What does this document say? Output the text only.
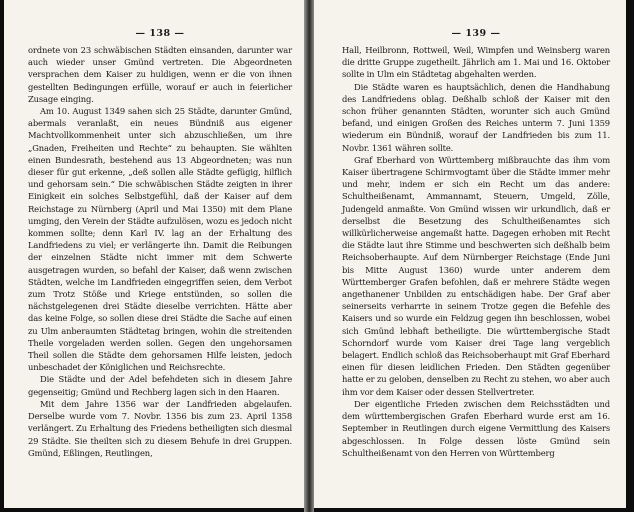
— 138 —

ordnete von 23 schwäbischen Städten einsanden, darunter war auch wieder unser Gmünd vertreten. Die Abgeordneten versprachen dem Kaiser zu huldigen, wenn er die von ihnen gestellten Bedingungen erfülle, worauf er auch in feierlicher Zusage einging.

Am 10. August 1349 sahen sich 25 Städte, darunter Gmünd, abermals veranlaßt, ein neues Bündniß aus eigener Machtvollkommenheit unter sich abzuschließen, um ihre „Gnaden, Freiheiten und Rechte“ zu behaupten. Sie wählten einen Bundesrath, bestehend aus 13 Abgeordneten; was nun dieser für gut erkenne, „deß sollen alle Städte gefügig, hilflich und gehorsam sein.“ Die schwäbischen Städte zeigten in ihrer Einigkeit ein solches Selbstgefühl, daß der Kaiser auf dem Reichstage zu Nürnberg (April und Mai 1350) mit dem Plane umging, den Verein der Städte aufzulösen, wozu es jedoch nicht kommen sollte; denn Karl IV. lag an der Erhaltung des Landfriedens zu viel; er verlängerte ihn. Damit die Reibungen der einzelnen Städte nicht immer mit dem Schwerte ausgetragen wurden, so befahl der Kaiser, daß wenn zwischen Städten, welche im Landfrieden eingegriffen seien, dem Verbot zum Trotz Stöße und Kriege entstünden, so sollen die nächstgelegenen drei Städte dieselbe verrichten. Hätte aber das keine Folge, so sollen diese drei Städte die Sache auf einen zu Ulm anberaumten Städtetag bringen, wohin die streitenden Theile vorgeladen werden sollen. Gegen den ungehorsamen Theil sollen die Städte dem gehorsamen Hilfe leisten, jedoch unbeschadet der Königlichen und Reichsrechte.

Die Städte und der Adel befehdeten sich in diesem Jahre gegenseitig; Gmünd und Rechberg lagen sich in den Haaren.

Mit dem Jahre 1356 war der Landfrieden abgelaufen. Derselbe wurde vom 7. Novbr. 1356 bis zum 23. April 1358 verlängert. Zu Erhaltung des Friedens betheiligten sich diesmal 29 Städte. Sie theilten sich zu diesem Behufe in drei Gruppen. Gmünd, Eßlingen, Reutlingen,

— 139 —

Hall, Heilbronn, Rottweil, Weil, Wimpfen und Weinsberg waren die dritte Gruppe zugetheilt. Jährlich am 1. Mai und 16. Oktober sollte in Ulm ein Städtetag abgehalten werden.

Die Städte waren es hauptsächlich, denen die Handhabung des Landfriedens oblag. Deßhalb schloß der Kaiser mit den schon früher genannten Städten, worunter sich auch Gmünd befand, und einigen Großen des Reiches unterm 7. Juni 1359 wiederum ein Bündniß, worauf der Landfrieden bis zum 11. Novbr. 1361 währen sollte.

Graf Eberhard von Württemberg mißbrauchte das ihm vom Kaiser übertragene Schirmvogtamt über die Städte immer mehr und mehr, indem er sich ein Recht um das andere: Schultheißenamt, Ammannamt, Steuern, Umgeld, Zölle, Judengeld anmaßte. Von Gmünd wissen wir urkundlich, daß er derselbst die Besetzung des Schultheißenamtes sich willkürlicherweise angemaßt hatte. Dagegen erhoben mit Recht die Städte laut ihre Stimme und beschwerten sich deßhalb beim Reichsoberhaupte. Auf dem Nürnberger Reichstage (Ende Juni bis Mitte August 1360) wurde unter anderem dem Württemberger Grafen befohlen, daß er mehrere Städte wegen angethanener Unbilden zu entschädigen habe. Der Graf aber seinerseits verharrte in seinem Trotze gegen die Befehle des Kaisers und so wurde ein Feldzug gegen ihn beschlossen, wobei sich Gmünd lebhaft betheiligte. Die württembergische Stadt Schorndorf wurde vom Kaiser drei Tage lang vergeblich belagert. Endlich schloß das Reichsoberhaupt mit Graf Eberhard einen für diesen leidlichen Frieden. Den Städten gegenüber hatte er zu geloben, denselben zu Recht zu stehen, wo aber auch ihm vor dem Kaiser oder dessen Stellvertreter.

Der eigentliche Frieden zwischen dem Reichsstädten und dem württembergischen Grafen Eberhard wurde erst am 16. September in Reutlingen durch eigene Vermittlung des Kaisers abgeschlossen. In Folge dessen löste Gmünd sein Schultheißenamt von den Herren von Württemberg
